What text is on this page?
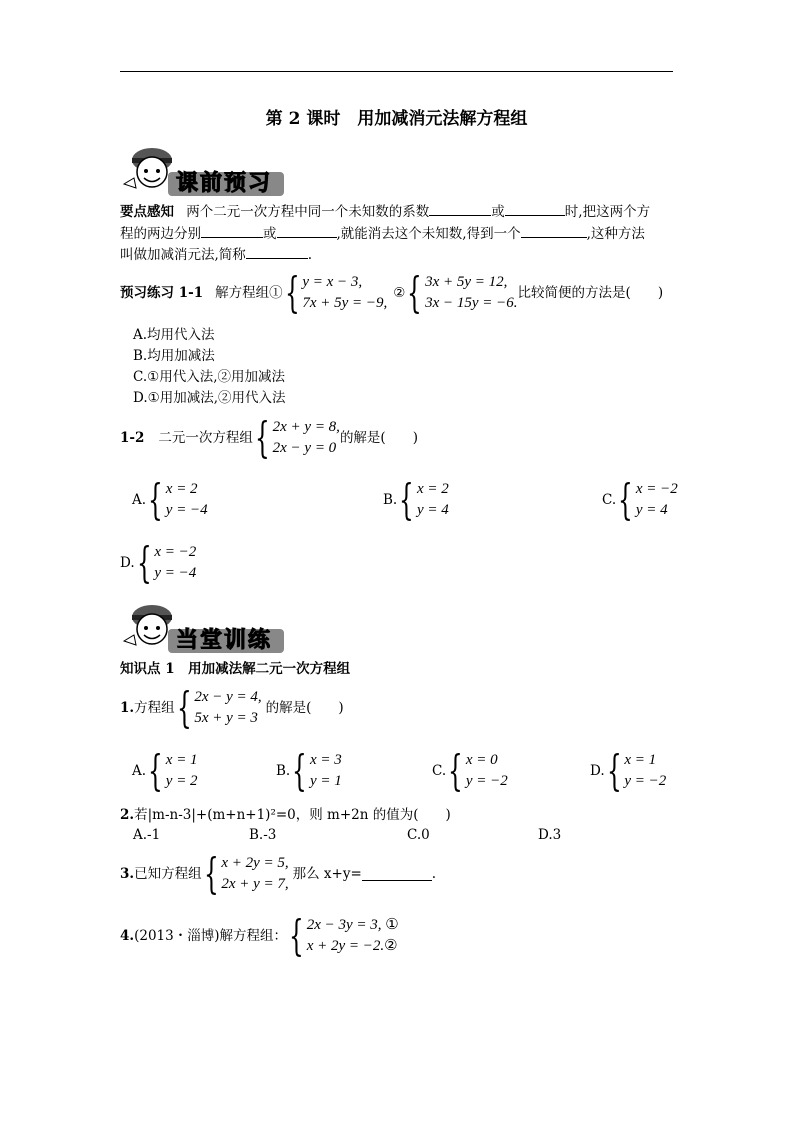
第 2 课时　用加减消元法解方程组
课前预习
要点感知 两个二元一次方程中同一个未知数的系数	或	时,把这两个方
程的两边分别	或	,就能消去这个未知数,得到一个	,这种方法
叫做加减消元法,简称	.
预习练习 1-1 解方程组① { y = x − 3,
7x + 5y = −9,
② { 3x + 5y = 12,
3x − 15y = −6.
比较简便的方法是(　　)
A.均用代入法
B.均用加减法
C.①用代入法,②用加减法
D.①用加减法,②用代入法
1-2 二元一次方程组 { 2x + y = 8,
2x − y = 0
的解是(　　)
A. { x = 2
y = −4
B. { x = 2
y = 4
C. { x = −2
y = 4
D. { x = −2
y = −4
当堂训练
知识点 1　用加减法解二元一次方程组
1. 方程组 { 2x − y = 4,
5x + y = 3
的解是(　　)
A. { x = 1
y = 2
B. { x = 3
y = 1
C. { x = 0
y = −2
D. { x = 1
y = −2
2.若|m-n-3|+(m+n+1)²=0，则 m+2n 的值为(　　)
A.-1	B.-3	C.0	D.3
3. 已知方程组 { x + 2y = 5,
2x + y = 7,
那么 x+y=	.
4. (2013・淄博)解方程组： { 2x − 3y = 3, ①
x + 2y = −2.②
